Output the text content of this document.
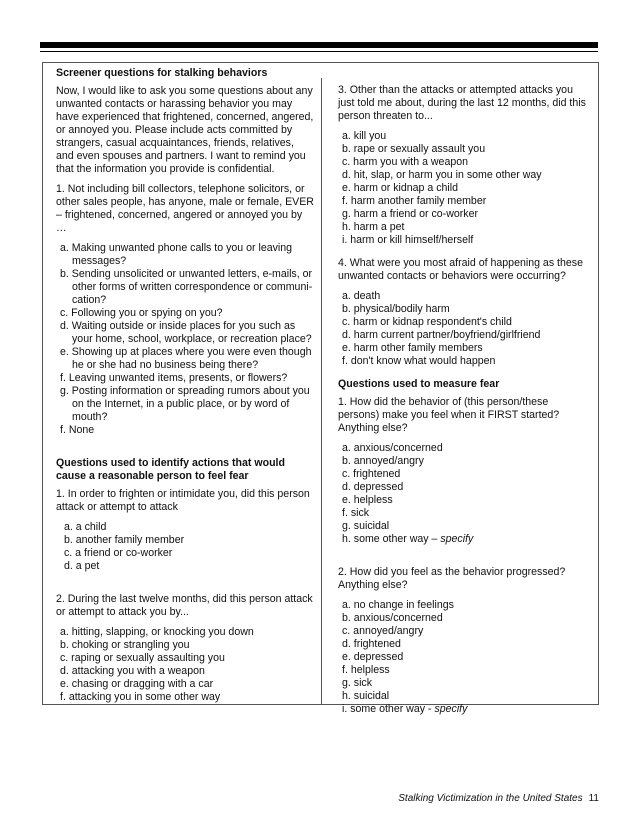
Screener questions for stalking behaviors

Now, I would like to ask you some questions about any unwanted contacts or harassing behavior you may have experienced that frightened, concerned, angered, or annoyed you. Please include acts committed by strangers, casual acquaintances, friends, relatives, and even spouses and partners. I want to remind you that the information you provide is confidential.

1. Not including bill collectors, telephone solicitors, or other sales people, has anyone, male or female, EVER – frightened, concerned, angered or annoyed you by …

a. Making unwanted phone calls to you or leaving messages?
b. Sending unsolicited or unwanted letters, e-mails, or other forms of written correspondence or communi-cation?
c. Following you or spying on you?
d. Waiting outside or inside places for you such as your home, school, workplace, or recreation place?
e. Showing up at places where you were even though he or she had no business being there?
f. Leaving unwanted items, presents, or flowers?
g. Posting information or spreading rumors about you on the Internet, in a public place, or by word of mouth?
f. None
Questions used to identify actions that would cause a reasonable person to feel fear

1. In order to frighten or intimidate you, did this person attack or attempt to attack

a. a child
b. another family member
c. a friend or co-worker
d. a pet

2. During the last twelve months, did this person attack or attempt to attack you by...

a. hitting, slapping, or knocking you down
b. choking or strangling you
c. raping or sexually assaulting you
d. attacking you with a weapon
e. chasing or dragging with a car
f. attacking you in some other way

3. Other than the attacks or attempted attacks you just told me about, during the last 12 months, did this person threaten to...

a. kill you
b. rape or sexually assault you
c. harm you with a weapon
d. hit, slap, or harm you in some other way
e. harm or kidnap a child
f. harm another family member
g. harm a friend or co-worker
h. harm a pet
i. harm or kill himself/herself

4. What were you most afraid of happening as these unwanted contacts or behaviors were occurring?

a. death
b. physical/bodily harm
c. harm or kidnap respondent's child
d. harm current partner/boyfriend/girlfriend
e. harm other family members
f. don't know what would happen
Questions used to measure fear

1. How did the behavior of (this person/these persons) make you feel when it FIRST started? Anything else?

a. anxious/concerned
b. annoyed/angry
c. frightened
d. depressed
e. helpless
f. sick
g. suicidal
h. some other way – specify

2. How did you feel as the behavior progressed? Anything else?

a. no change in feelings
b. anxious/concerned
c. annoyed/angry
d. frightened
e. depressed
f. helpless
g. sick
h. suicidal
i. some other way - specify
Stalking Victimization in the United States 11
